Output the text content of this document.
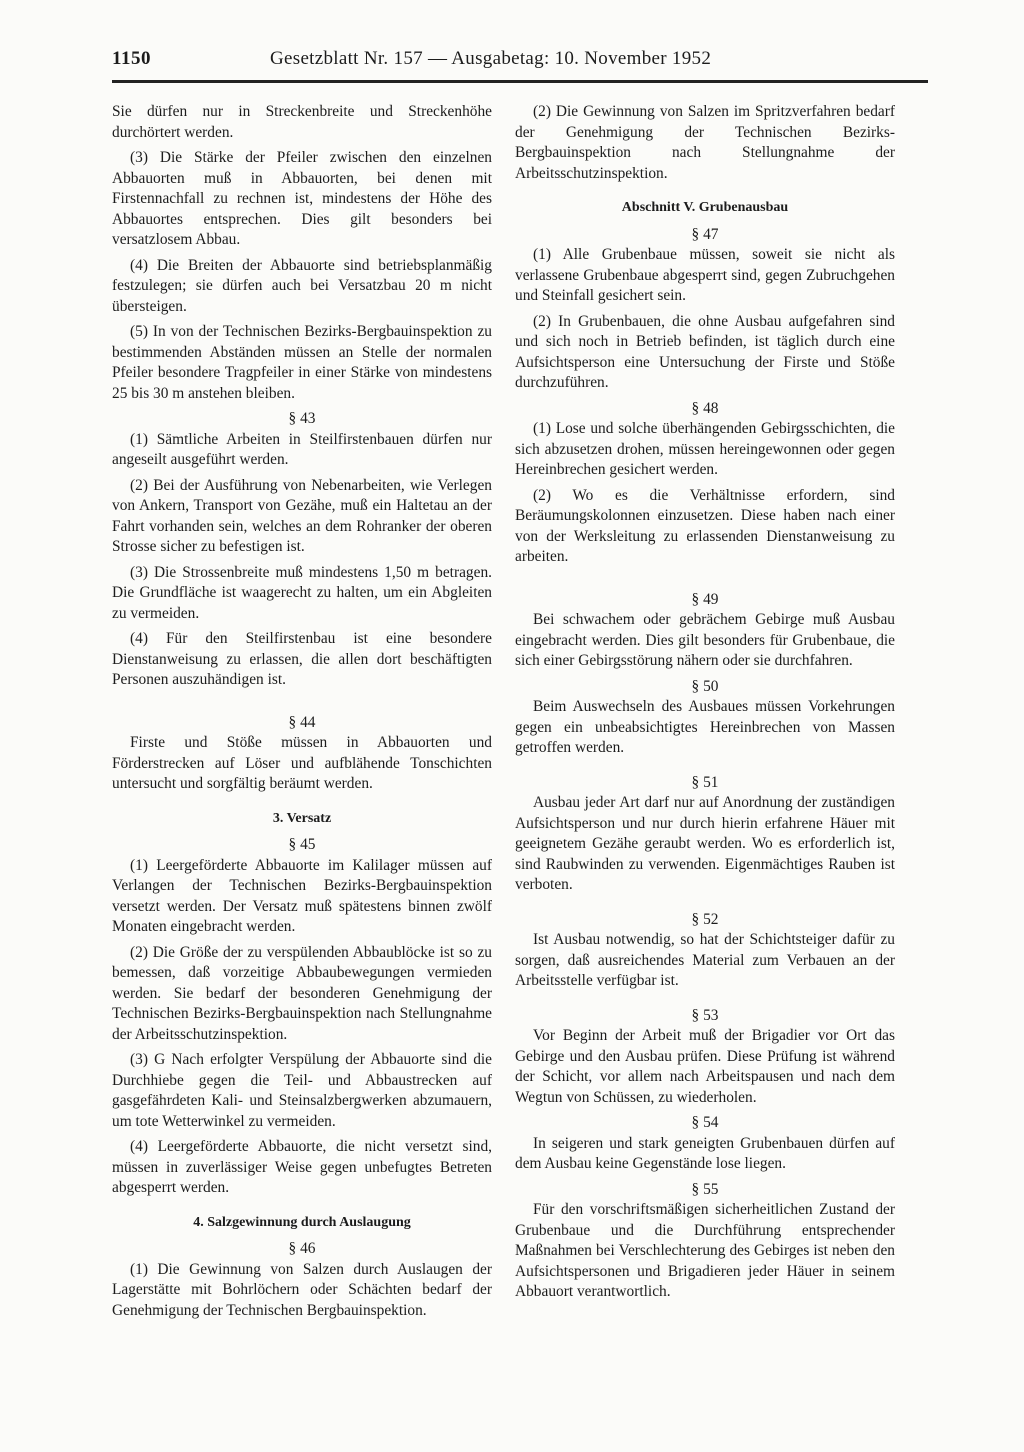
1150	Gesetzblatt Nr. 157 — Ausgabetag: 10. November 1952

Sie dürfen nur in Streckenbreite und Streckenhöhe durchörtert werden.

(3) Die Stärke der Pfeiler zwischen den einzelnen Abbauorten muß in Abbauorten, bei denen mit Firstennachfall zu rechnen ist, mindestens der Höhe des Abbauortes entsprechen. Dies gilt besonders bei versatzlosem Abbau.

(4) Die Breiten der Abbauorte sind betriebsplanmäßig festzulegen; sie dürfen auch bei Versatzbau 20 m nicht übersteigen.

(5) In von der Technischen Bezirks-Bergbauinspektion zu bestimmenden Abständen müssen an Stelle der normalen Pfeiler besondere Tragpfeiler in einer Stärke von mindestens 25 bis 30 m anstehen bleiben.

§ 43

(1) Sämtliche Arbeiten in Steilfirstenbauen dürfen nur angeseilt ausgeführt werden.

(2) Bei der Ausführung von Nebenarbeiten, wie Verlegen von Ankern, Transport von Gezähe, muß ein Haltetau an der Fahrt vorhanden sein, welches an dem Rohranker der oberen Strosse sicher zu befestigen ist.

(3) Die Strossenbreite muß mindestens 1,50 m betragen. Die Grundfläche ist waagerecht zu halten, um ein Abgleiten zu vermeiden.

(4) Für den Steilfirstenbau ist eine besondere Dienstanweisung zu erlassen, die allen dort beschäftigten Personen auszuhändigen ist.

§ 44

Firste und Stöße müssen in Abbauorten und Förderstrecken auf Löser und aufblähende Tonschichten untersucht und sorgfältig beräumt werden.

3. Versatz

§ 45

(1) Leergeförderte Abbauorte im Kalilager müssen auf Verlangen der Technischen Bezirks-Bergbauinspektion versetzt werden. Der Versatz muß spätestens binnen zwölf Monaten eingebracht werden.

(2) Die Größe der zu verspülenden Abbaublöcke ist so zu bemessen, daß vorzeitige Abbaubewegungen vermieden werden. Sie bedarf der besonderen Genehmigung der Technischen Bezirks-Bergbauinspektion nach Stellungnahme der Arbeitsschutzinspektion.

(3) G Nach erfolgter Verspülung der Abbauorte sind die Durchhiebe gegen die Teil- und Abbaustrecken auf gasgefährdeten Kali- und Steinsalzbergwerken abzumauern, um tote Wetterwinkel zu vermeiden.

(4) Leergeförderte Abbauorte, die nicht versetzt sind, müssen in zuverlässiger Weise gegen unbefugtes Betreten abgesperrt werden.

4. Salzgewinnung durch Auslaugung

§ 46

(1) Die Gewinnung von Salzen durch Auslaugen der Lagerstätte mit Bohrlöchern oder Schächten bedarf der Genehmigung der Technischen Bergbauinspektion.

(2) Die Gewinnung von Salzen im Spritzverfahren bedarf der Genehmigung der Technischen Bezirks-Bergbauinspektion nach Stellungnahme der Arbeitsschutzinspektion.

Abschnitt V. Grubenausbau

§ 47

(1) Alle Grubenbaue müssen, soweit sie nicht als verlassene Grubenbaue abgesperrt sind, gegen Zubruchgehen und Steinfall gesichert sein.

(2) In Grubenbauen, die ohne Ausbau aufgefahren sind und sich noch in Betrieb befinden, ist täglich durch eine Aufsichtsperson eine Untersuchung der Firste und Stöße durchzuführen.

§ 48

(1) Lose und solche überhängenden Gebirgsschichten, die sich abzusetzen drohen, müssen hereingewonnen oder gegen Hereinbrechen gesichert werden.

(2) Wo es die Verhältnisse erfordern, sind Beräumungskolonnen einzusetzen. Diese haben nach einer von der Werksleitung zu erlassenden Dienstanweisung zu arbeiten.

§ 49

Bei schwachem oder gebrächem Gebirge muß Ausbau eingebracht werden. Dies gilt besonders für Grubenbaue, die sich einer Gebirgsstörung nähern oder sie durchfahren.

§ 50

Beim Auswechseln des Ausbaues müssen Vorkehrungen gegen ein unbeabsichtigtes Hereinbrechen von Massen getroffen werden.

§ 51

Ausbau jeder Art darf nur auf Anordnung der zuständigen Aufsichtsperson und nur durch hierin erfahrene Häuer mit geeignetem Gezähe geraubt werden. Wo es erforderlich ist, sind Raubwinden zu verwenden. Eigenmächtiges Rauben ist verboten.

§ 52

Ist Ausbau notwendig, so hat der Schichtsteiger dafür zu sorgen, daß ausreichendes Material zum Verbauen an der Arbeitsstelle verfügbar ist.

§ 53

Vor Beginn der Arbeit muß der Brigadier vor Ort das Gebirge und den Ausbau prüfen. Diese Prüfung ist während der Schicht, vor allem nach Arbeitspausen und nach dem Wegtun von Schüssen, zu wiederholen.

§ 54

In seigeren und stark geneigten Grubenbauen dürfen auf dem Ausbau keine Gegenstände lose liegen.

§ 55

Für den vorschriftsmäßigen sicherheitlichen Zustand der Grubenbaue und die Durchführung entsprechender Maßnahmen bei Verschlechterung des Gebirges ist neben den Aufsichtspersonen und Brigadieren jeder Häuer in seinem Abbauort verantwortlich.
